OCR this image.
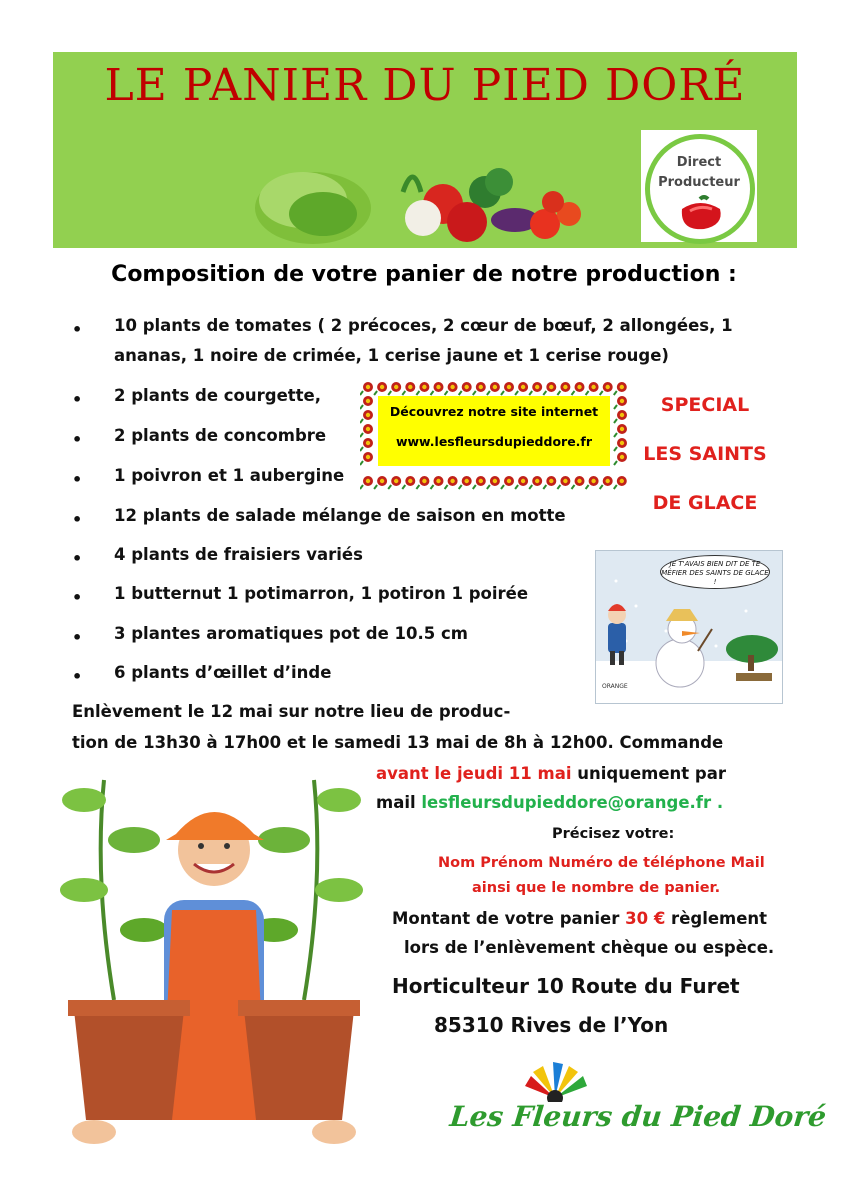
LE PANIER DU PIED DORÉ
Direct
Producteur
Composition de votre panier de notre production :
• 10 plants de tomates ( 2 précoces, 2 cœur de bœuf, 2 allongées, 1
ananas, 1 noire de crimée, 1 cerise jaune et 1 cerise rouge)
• 2 plants de courgette,
• 2 plants de concombre
• 1 poivron et 1 aubergine
• 12 plants de salade mélange de saison en motte
• 4 plants de fraisiers variés
• 1 butternut 1 potimarron, 1 potiron 1 poirée
• 3 plantes aromatiques pot de 10.5 cm
• 6 plants d’œillet d’inde
Découvrez notre site internet
www.lesfleursdupieddore.fr
SPECIAL
LES SAINTS
DE GLACE
JE T'AVAIS BIEN DIT DE TE MÉFIER DES SAINTS DE GLACE !
ORANGE
Enlèvement le 12 mai sur notre lieu de produc-
tion de 13h30 à 17h00 et le samedi 13 mai de 8h à 12h00. Commande
avant le jeudi 11 mai uniquement par
mail lesfleursdupieddore@orange.fr .
Précisez votre:
Nom Prénom Numéro de téléphone Mail
ainsi que le nombre de panier.
Montant de votre panier 30 € règlement
lors de l’enlèvement chèque ou espèce.
Horticulteur 10 Route du Furet
85310 Rives de l’Yon
Les Fleurs du Pied Doré
